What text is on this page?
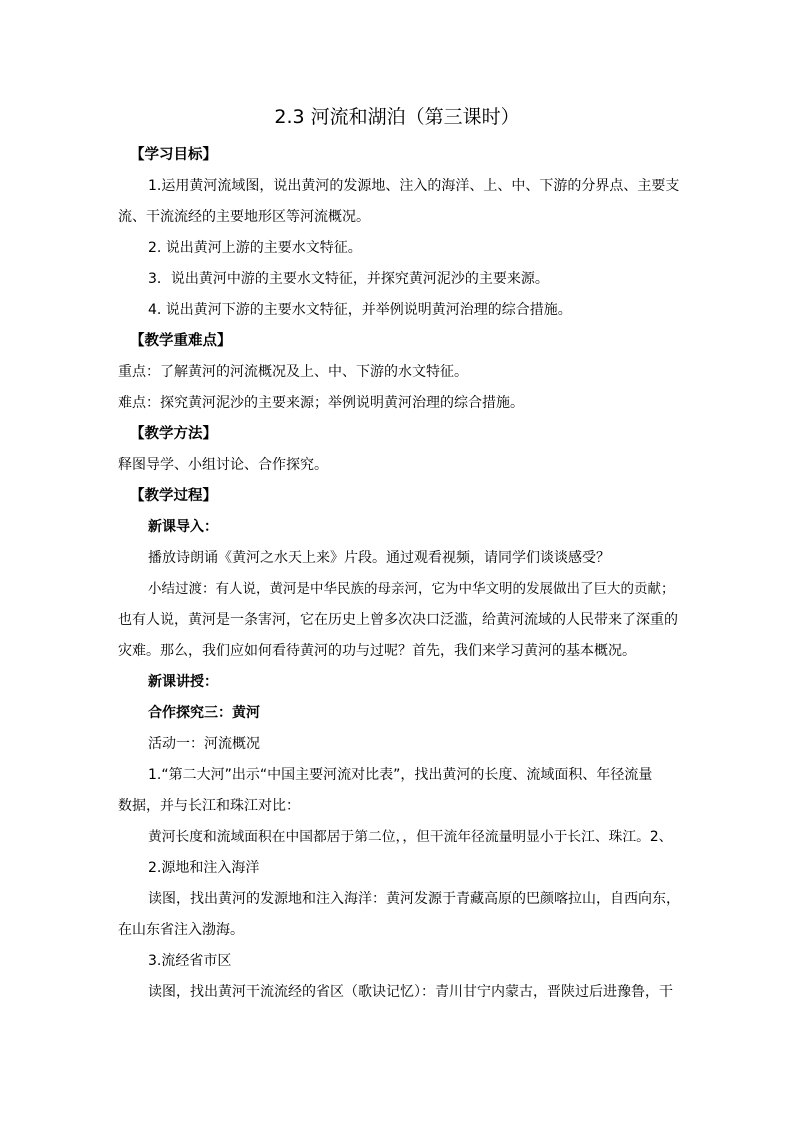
2.3 河流和湖泊（第三课时）
【学习目标】
1.运用黄河流域图，说出黄河的发源地、注入的海洋、上、中、下游的分界点、主要支
流、干流流经的主要地形区等河流概况。
2. 说出黄河上游的主要水文特征。
3．说出黄河中游的主要水文特征，并探究黄河泥沙的主要来源。
4. 说出黄河下游的主要水文特征，并举例说明黄河治理的综合措施。
【教学重难点】
重点：了解黄河的河流概况及上、中、下游的水文特征。
难点：探究黄河泥沙的主要来源；举例说明黄河治理的综合措施。
【教学方法】
释图导学、小组讨论、合作探究。
【教学过程】
新课导入：
播放诗朗诵《黄河之水天上来》片段。通过观看视频，请同学们谈谈感受？
小结过渡：有人说，黄河是中华民族的母亲河，它为中华文明的发展做出了巨大的贡献；
也有人说，黄河是一条害河，它在历史上曾多次决口泛滥，给黄河流域的人民带来了深重的
灾难。那么，我们应如何看待黄河的功与过呢？首先，我们来学习黄河的基本概况。
新课讲授：
合作探究三：黄河
活动一：河流概况
1.“第二大河”出示“中国主要河流对比表”，找出黄河的长度、流域面积、年径流量
数据，并与长江和珠江对比：
黄河长度和流域面积在中国都居于第二位，，但干流年径流量明显小于长江、珠江。2、
2.源地和注入海洋
读图，找出黄河的发源地和注入海洋：黄河发源于青藏高原的巴颜喀拉山，自西向东，
在山东省注入渤海。
3.流经省市区
读图，找出黄河干流流经的省区（歌诀记忆）：青川甘宁内蒙古，晋陕过后进豫鲁，干
